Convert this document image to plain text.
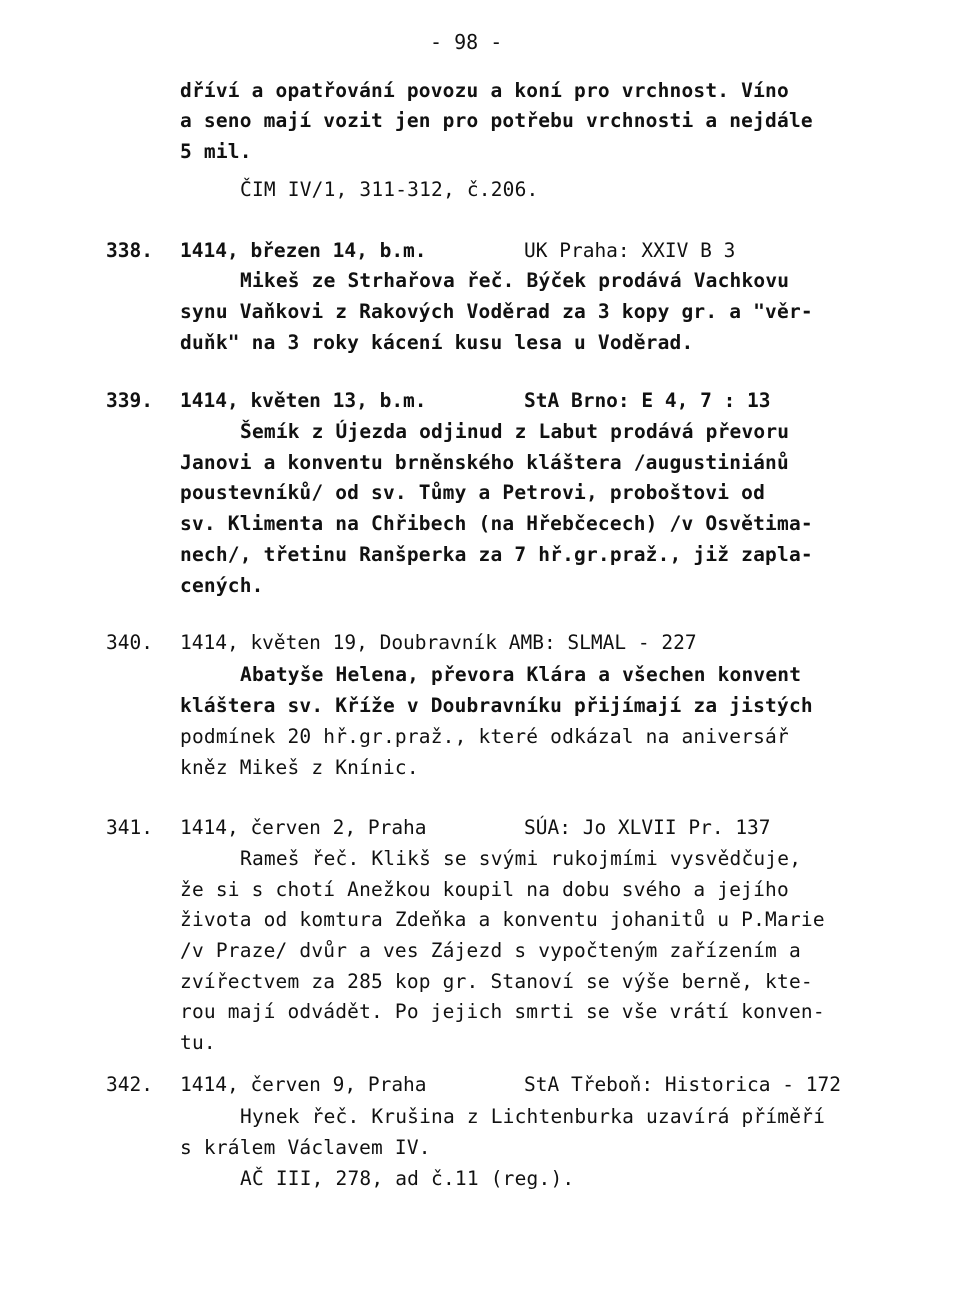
- 98 -
dříví a opatřování povozu a koní pro vrchnost. Víno
a seno mají vozit jen pro potřebu vrchnosti a nejdále
5 mil.
ČIM IV/1, 311-312, č.206.
338. 1414, březen 14, b.m.	UK Praha: XXIV B 3
Mikeš ze Strhařova řeč. Býček prodává Vachkovu
synu Vaňkovi z Rakových Voděrad za 3 kopy gr. a "věr-
duňk" na 3 roky kácení kusu lesa u Voděrad.
339. 1414, květen 13, b.m.	StA Brno: E 4, 7 : 13
Šemík z Újezda odjinud z Labut prodává převoru
Janovi a konventu brněnského kláštera /augustiniánů
poustevníků/ od sv. Tůmy a Petrovi, proboštovi od
sv. Klimenta na Chřibech (na Hřebčecech) /v Osvětima-
nech/, třetinu Ranšperka za 7 hř.gr.praž., již zapla-
cených.
340. 1414, květen 19, Doubravník AMB: SLMAL - 227
Abatyše Helena, převora Klára a všechen konvent
kláštera sv. Kříže v Doubravníku přijímají za jistých
podmínek 20 hř.gr.praž., které odkázal na aniversář
kněz Mikeš z Knínic.
341. 1414, červen 2, Praha	SÚA: Jo XLVII Pr. 137
Rameš řeč. Klikš se svými rukojmími vysvědčuje,
že si s chotí Anežkou koupil na dobu svého a jejího
života od komtura Zdeňka a konventu johanitů u P.Marie
/v Praze/ dvůr a ves Zájezd s vypočteným zařízením a
zvířectvem za 285 kop gr. Stanoví se výše berně, kte-
rou mají odvádět. Po jejich smrti se vše vrátí konven-
tu.
342. 1414, červen 9, Praha	StA Třeboň: Historica - 172
Hynek řeč. Krušina z Lichtenburka uzavírá příměří
s králem Václavem IV.
AČ III, 278, ad č.11 (reg.).
